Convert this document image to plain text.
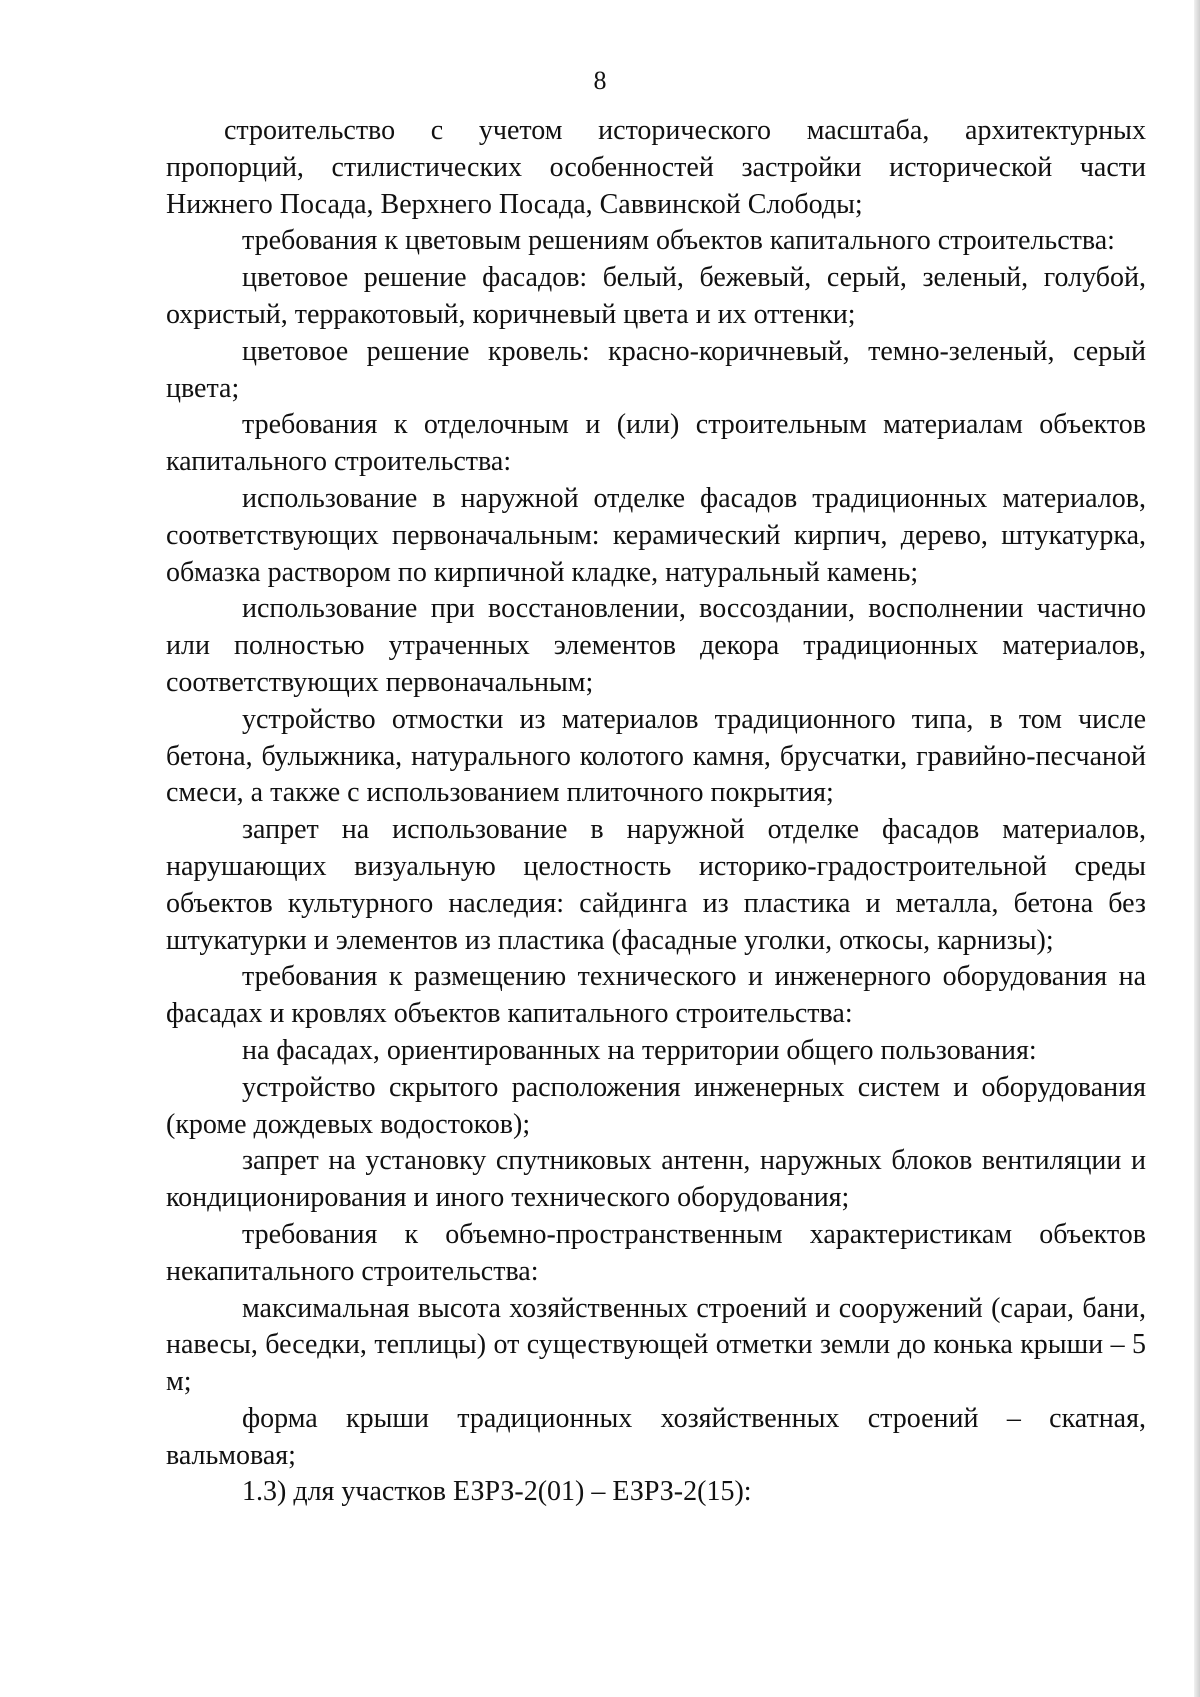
8

строительство с учетом исторического масштаба, архитектурных пропорций, стилистических особенностей застройки исторической части Нижнего Посада, Верхнего Посада, Саввинской Слободы;

требования к цветовым решениям объектов капитального строительства:

цветовое решение фасадов: белый, бежевый, серый, зеленый, голубой, охристый, терракотовый, коричневый цвета и их оттенки;

цветовое решение кровель: красно-коричневый, темно-зеленый, серый цвета;

требования к отделочным и (или) строительным материалам объектов капитального строительства:

использование в наружной отделке фасадов традиционных материалов, соответствующих первоначальным: керамический кирпич, дерево, штукатурка, обмазка раствором по кирпичной кладке, натуральный камень;

использование при восстановлении, воссоздании, восполнении частично или полностью утраченных элементов декора традиционных материалов, соответствующих первоначальным;

устройство отмостки из материалов традиционного типа, в том числе бетона, булыжника, натурального колотого камня, брусчатки, гравийно-песчаной смеси, а также с использованием плиточного покрытия;

запрет на использование в наружной отделке фасадов материалов, нарушающих визуальную целостность историко-градостроительной среды объектов культурного наследия: сайдинга из пластика и металла, бетона без штукатурки и элементов из пластика (фасадные уголки, откосы, карнизы);

требования к размещению технического и инженерного оборудования на фасадах и кровлях объектов капитального строительства:

на фасадах, ориентированных на территории общего пользования:

устройство скрытого расположения инженерных систем и оборудования (кроме дождевых водостоков);

запрет на установку спутниковых антенн, наружных блоков вентиляции и кондиционирования и иного технического оборудования;

требования к объемно-пространственным характеристикам объектов некапитального строительства:

максимальная высота хозяйственных строений и сооружений (сараи, бани, навесы, беседки, теплицы) от существующей отметки земли до конька крыши – 5 м;

форма крыши традиционных хозяйственных строений – скатная, вальмовая;

1.3) для участков ЕЗРЗ-2(01) – ЕЗРЗ-2(15):
